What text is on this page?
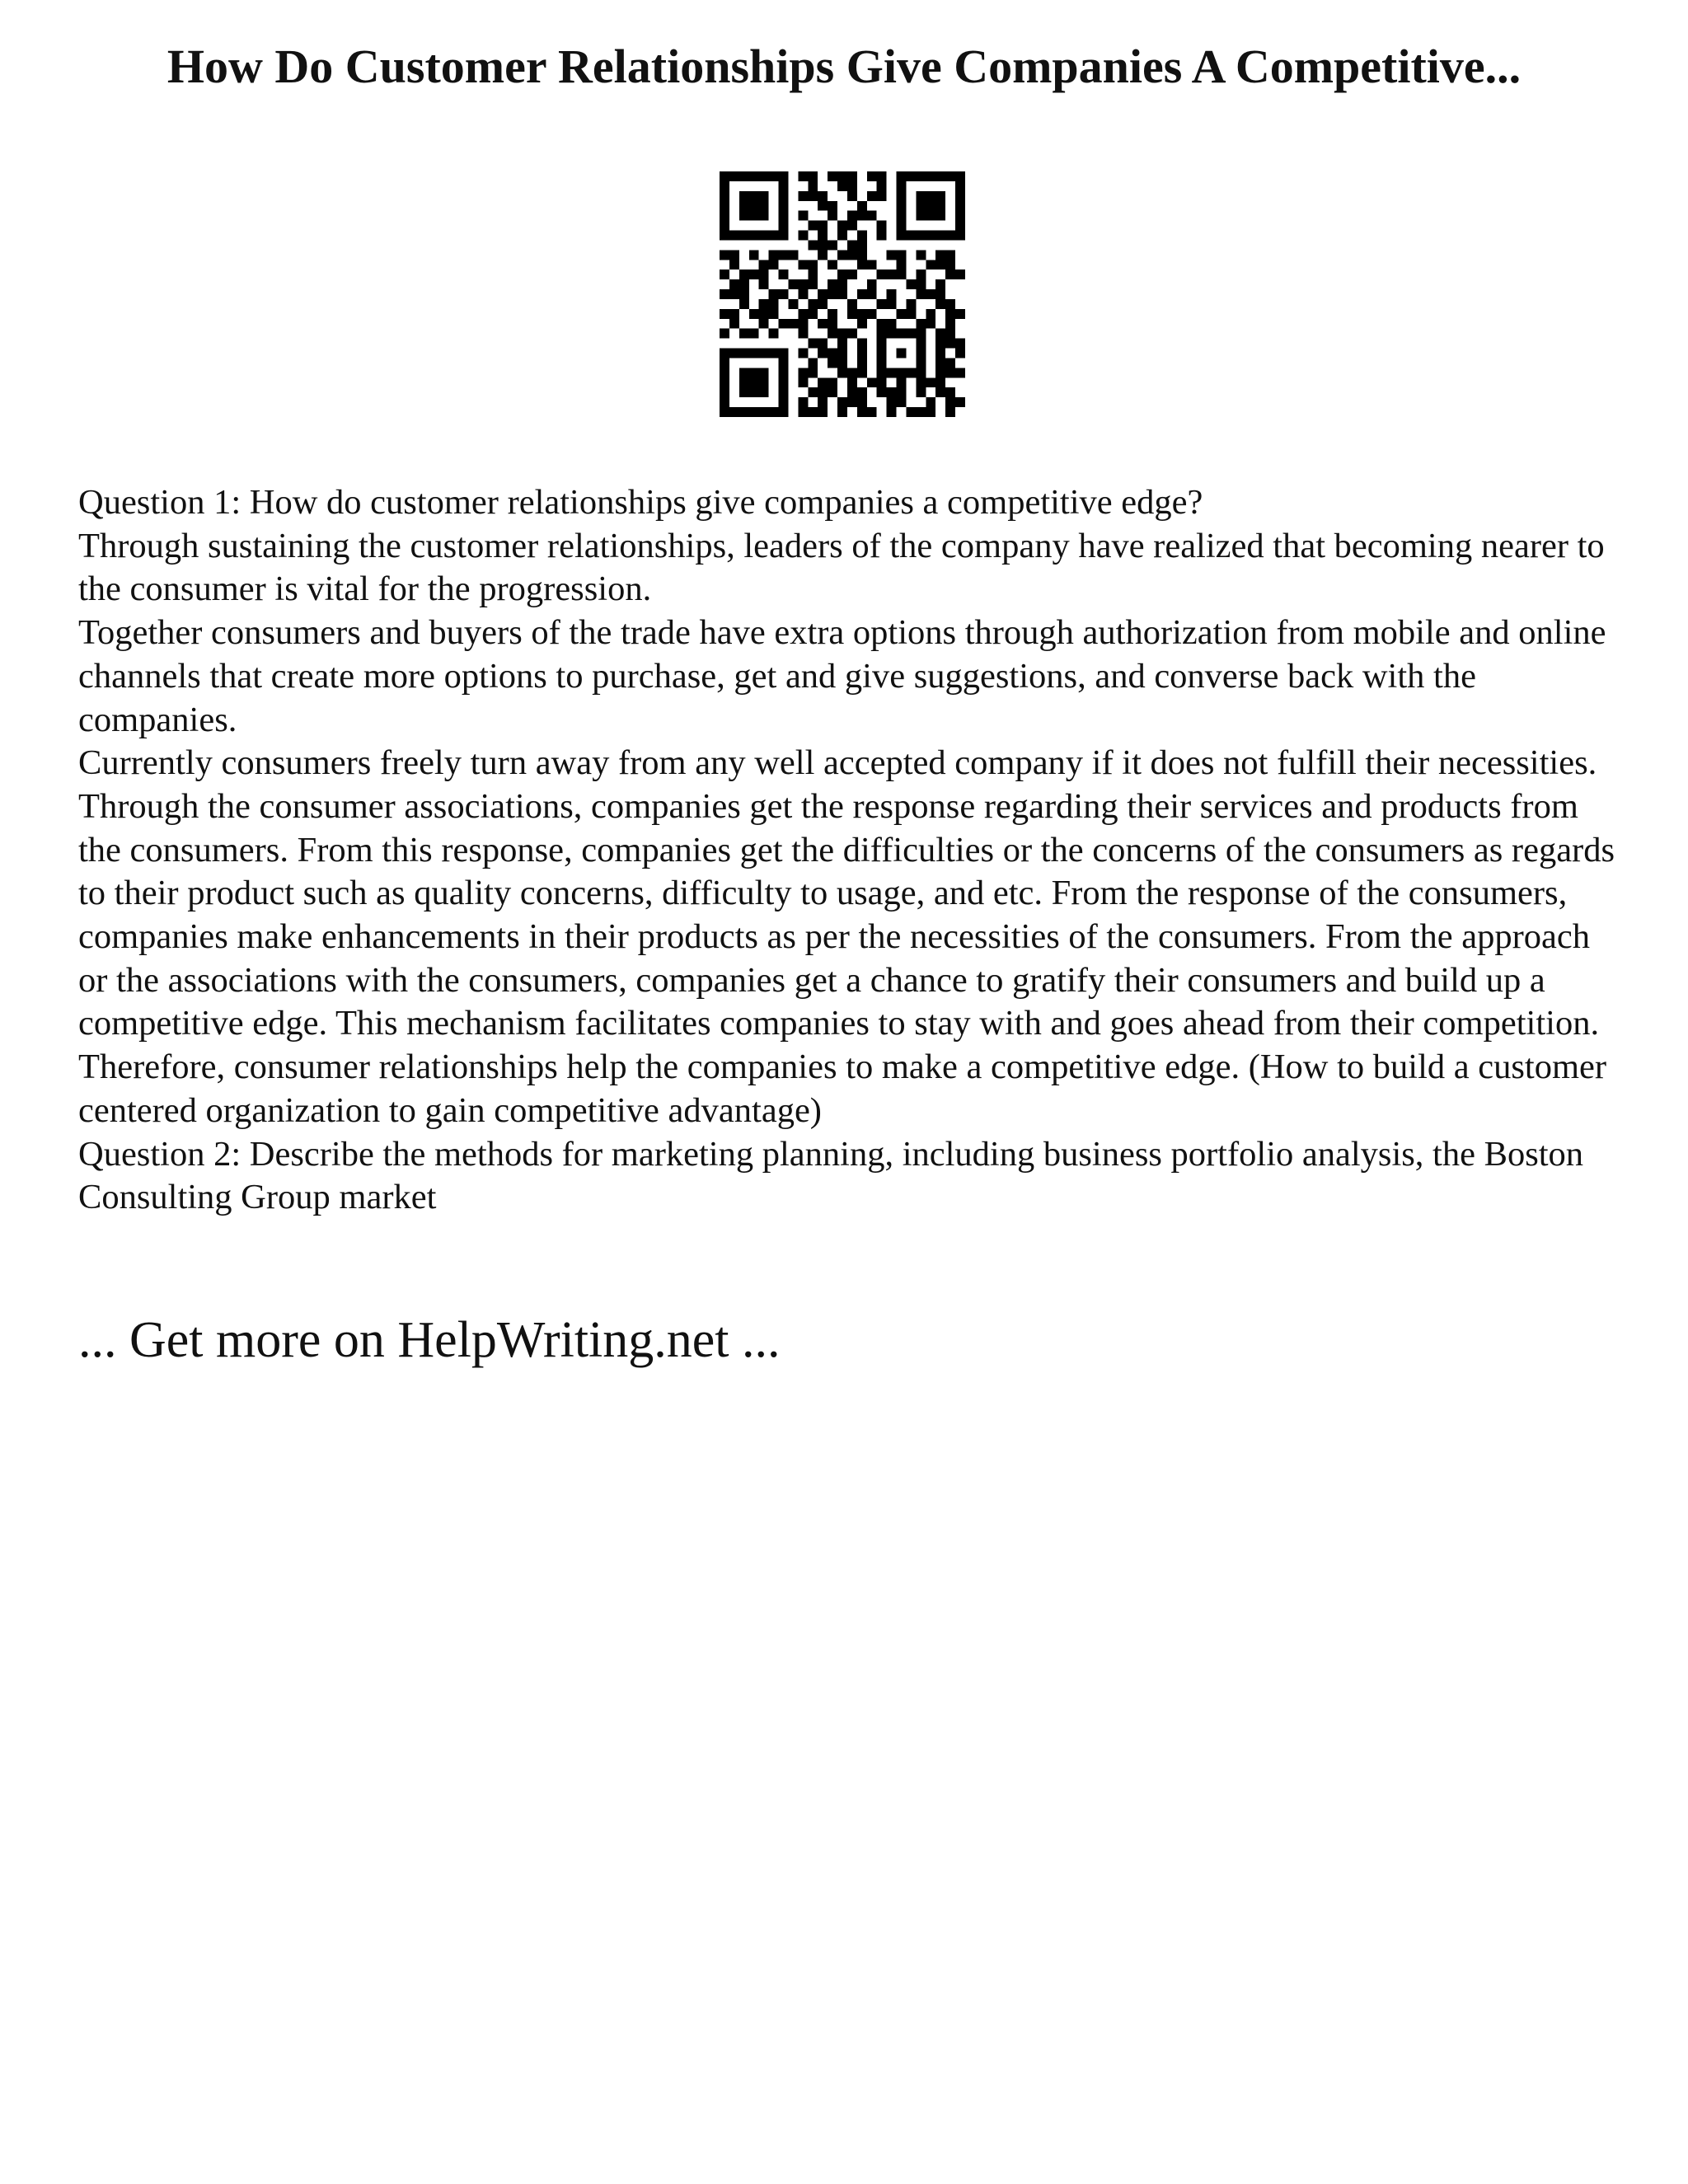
How Do Customer Relationships Give Companies A Competitive...

Question 1: How do customer relationships give companies a competitive edge?

Through sustaining the customer relationships, leaders of the company have realized that becoming nearer to the consumer is vital for the progression.

Together consumers and buyers of the trade have extra options through authorization from mobile and online channels that create more options to purchase, get and give suggestions, and converse back with the companies.

Currently consumers freely turn away from any well accepted company if it does not fulfill their necessities. Through the consumer associations, companies get the response regarding their services and products from the consumers. From this response, companies get the difficulties or the concerns of the consumers as regards to their product such as quality concerns, difficulty to usage, and etc. From the response of the consumers, companies make enhancements in their products as per the necessities of the consumers. From the approach or the associations with the consumers, companies get a chance to gratify their consumers and build up a competitive edge. This mechanism facilitates companies to stay with and goes ahead from their competition. Therefore, consumer relationships help the companies to make a competitive edge. (How to build a customer centered organization to gain competitive advantage)

Question 2: Describe the methods for marketing planning, including business portfolio analysis, the Boston Consulting Group market

... Get more on HelpWriting.net ...
